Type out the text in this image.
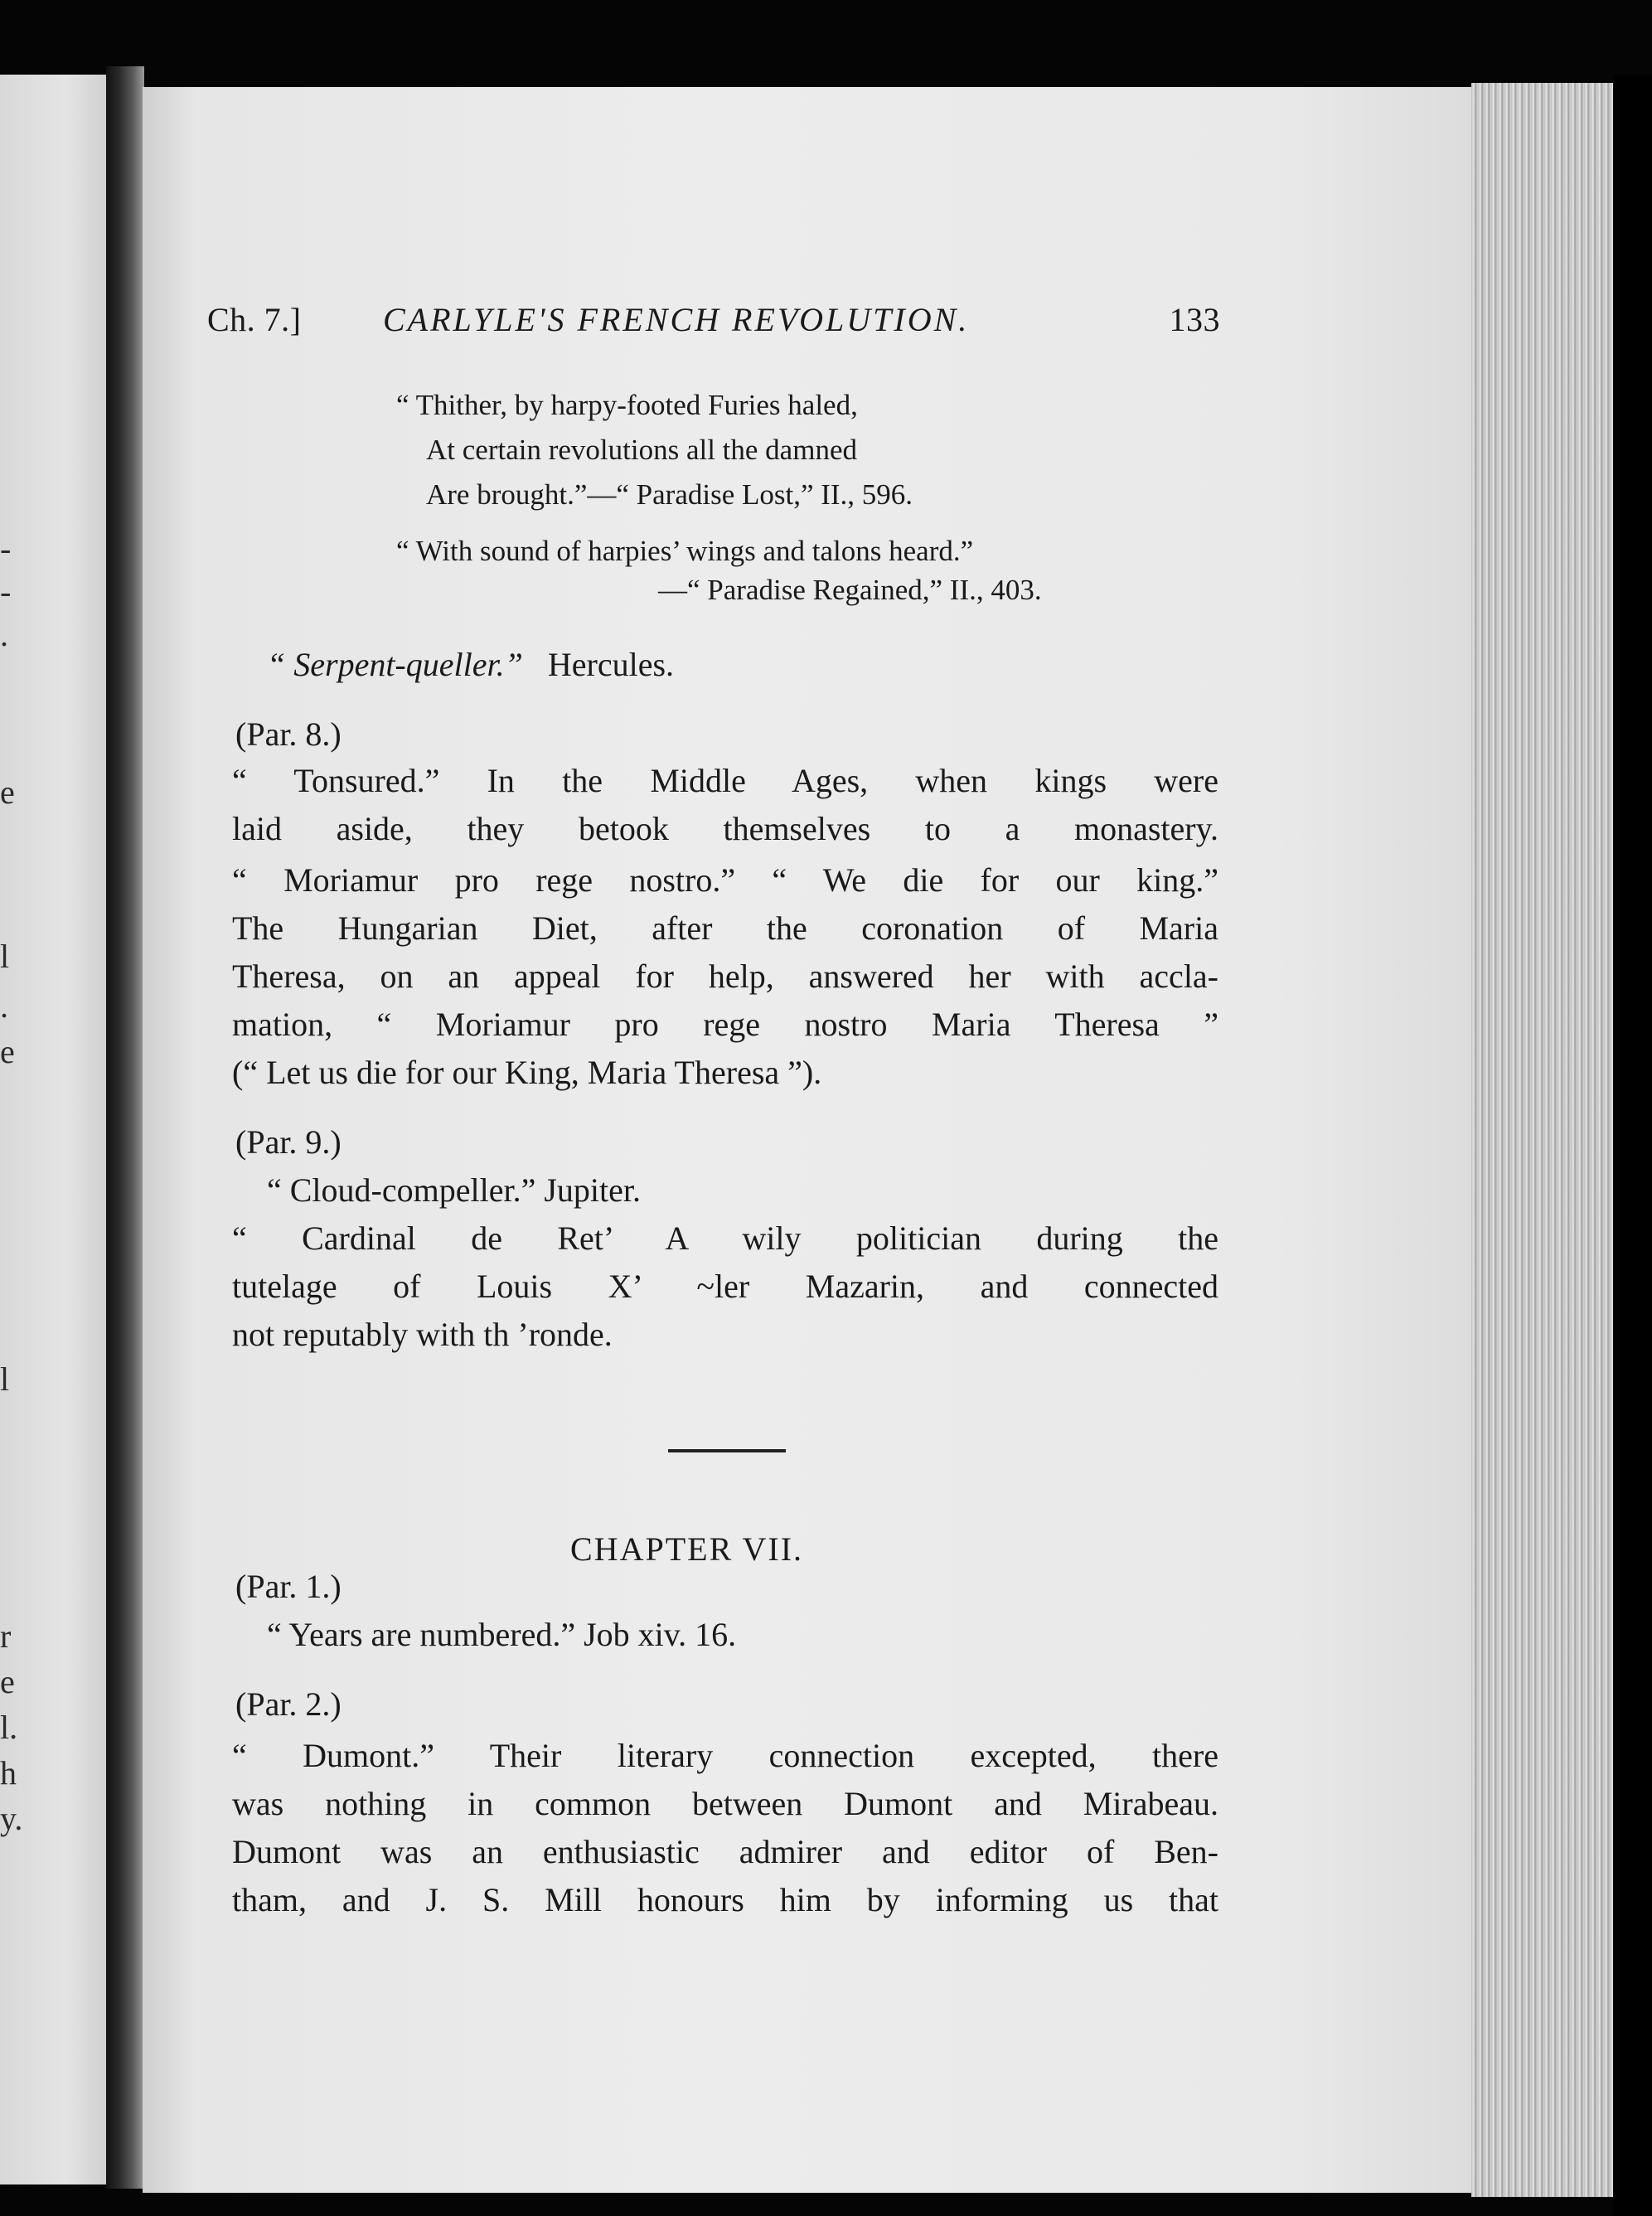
-
-
.
e
l
.
e
l
r
e
l.
h
y.
Ch. 7.] CARLYLE'S FRENCH REVOLUTION.	133
“ Thither, by harpy-footed Furies haled,
At certain revolutions all the damned
Are brought.”—“ Paradise Lost,” II., 596.
“ With sound of harpies’ wings and talons heard.”
—“ Paradise Regained,” II., 403.
“ Serpent-queller.” Hercules.
(Par. 8.)
“ Tonsured.” In the Middle Ages, when kings were
laid aside, they betook themselves to a monastery.
“ Moriamur pro rege nostro.” “ We die for our king.”
The Hungarian Diet, after the coronation of Maria
Theresa, on an appeal for help, answered her with accla-
mation, “ Moriamur pro rege nostro Maria Theresa ”
(“ Let us die for our King, Maria Theresa ”).
(Par. 9.)
“ Cloud-compeller.” Jupiter.
“ Cardinal de Ret’ A wily politician during the
tutelage of Louis X’ ~ler Mazarin, and connected
not reputably with th ’ronde.
CHAPTER VII.
(Par. 1.)
“ Years are numbered.” Job xiv. 16.
(Par. 2.)
“ Dumont.” Their literary connection excepted, there
was nothing in common between Dumont and Mirabeau.
Dumont was an enthusiastic admirer and editor of Ben-
tham, and J. S. Mill honours him by informing us that
